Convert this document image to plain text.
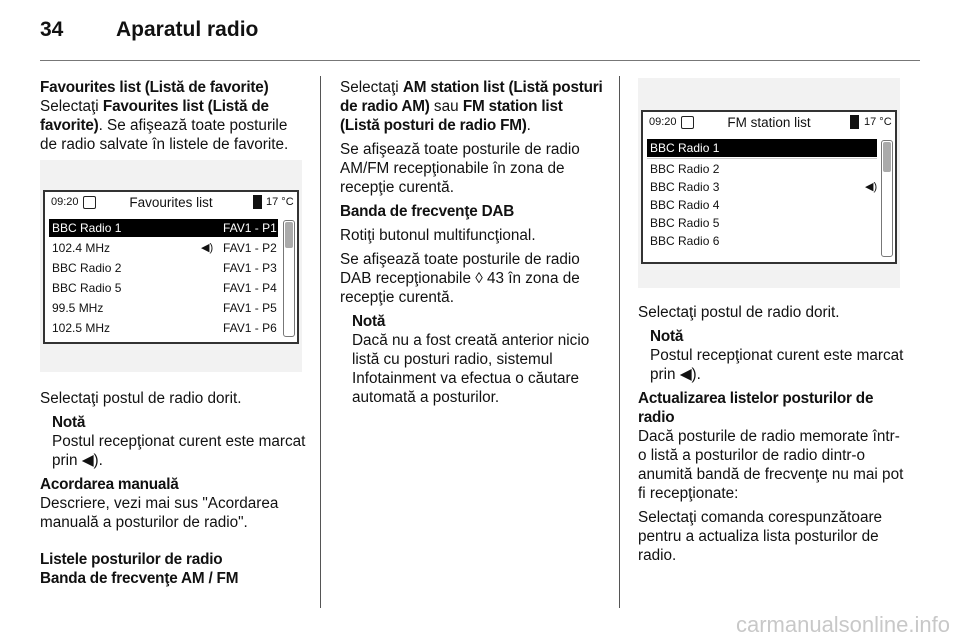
34	Aparatul radio

Favourites list (Listă de favorite)

Selectaţi Favourites list (Listă de favorite). Se afişează toate posturile de radio salvate în listele de favorite.

09:20	Favourites list	17 °C
BBC Radio 1	FAV1 - P1
102.4 MHz	◀) FAV1 - P2
BBC Radio 2	FAV1 - P3
BBC Radio 5	FAV1 - P4
99.5 MHz	FAV1 - P5
102.5 MHz	FAV1 - P6

Selectaţi postul de radio dorit.

Notă
Postul recepţionat curent este marcat prin ◀).

Acordarea manuală

Descriere, vezi mai sus "Acordarea manuală a posturilor de radio".

Listele posturilor de radio

Banda de frecvenţe AM / FM

Selectaţi AM station list (Listă posturi de radio AM) sau FM station list (Listă posturi de radio FM).

Se afişează toate posturile de radio AM/FM recepţionabile în zona de recepţie curentă.

Banda de frecvenţe DAB

Rotiţi butonul multifuncţional.

Se afişează toate posturile de radio DAB recepţionabile ◊ 43 în zona de recepţie curentă.

Notă
Dacă nu a fost creată anterior nicio listă cu posturi radio, sistemul Infotainment va efectua o căutare automată a posturilor.
09:20	FM station list	17 °C
BBC Radio 1
BBC Radio 2
BBC Radio 3	◀)
BBC Radio 4
BBC Radio 5
BBC Radio 6

Selectaţi postul de radio dorit.

Notă
Postul recepţionat curent este marcat prin ◀).

Actualizarea listelor posturilor de radio

Dacă posturile de radio memorate într-o listă a posturilor de radio dintr-o anumită bandă de frecvenţe nu mai pot fi recepţionate:

Selectaţi comanda corespunzătoare pentru a actualiza lista posturilor de radio.

carmanualsonline.info
